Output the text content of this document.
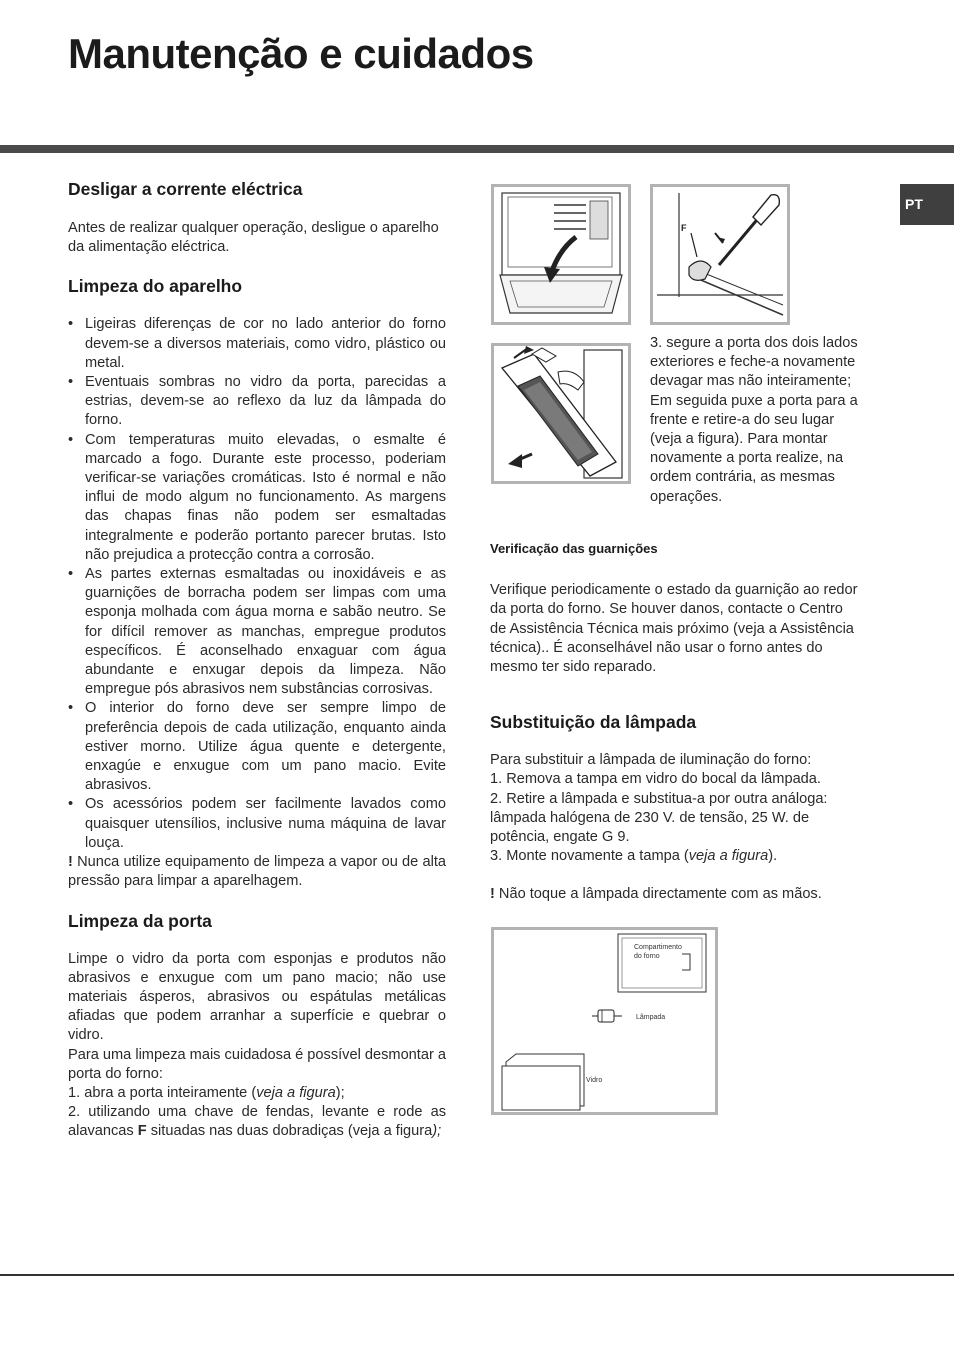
Manutenção e cuidados
PT
Desligar a corrente eléctrica

Antes de realizar qualquer operação, desligue o aparelho da alimentação eléctrica.

Limpeza do aparelho
• Ligeiras diferenças de cor no lado anterior do forno devem-se a diversos materiais, como vidro, plástico ou metal.
• Eventuais sombras no vidro da porta, parecidas a estrias, devem-se ao reflexo da luz da lâmpada do forno.
• Com temperaturas muito elevadas, o esmalte é marcado a fogo. Durante este processo, poderiam verificar-se variações cromáticas. Isto é normal e não influi de modo algum no funcionamento. As margens das chapas finas não podem ser esmaltadas integralmente e poderão portanto parecer brutas. Isto não prejudica a protecção contra a corrosão.
• As partes externas esmaltadas ou inoxidáveis e as guarnições de borracha podem ser limpas com uma esponja molhada com água morna e sabão neutro. Se for difícil remover as manchas, empregue produtos específicos. É aconselhado enxaguar com água abundante e enxugar depois da limpeza. Não empregue pós abrasivos nem substâncias corrosivas.
• O interior do forno deve ser sempre limpo de preferência depois de cada utilização, enquanto ainda estiver morno. Utilize água quente e detergente, enxagúe e enxugue com um pano macio. Evite abrasivos.
• Os acessórios podem ser facilmente lavados como quaisquer utensílios, inclusive numa máquina de lavar louça.

! Nunca utilize equipamento de limpeza a vapor ou de alta pressão para limpar a aparelhagem.

Limpeza da porta

Limpe o vidro da porta com esponjas e produtos não abrasivos e enxugue com um pano macio; não use materiais ásperos, abrasivos ou espátulas metálicas afiadas que podem arranhar a superfície e quebrar o vidro.

Para uma limpeza mais cuidadosa é possível desmontar a porta do forno:

1. abra a porta inteiramente (veja a figura);

2. utilizando uma chave de fendas, levante e rode as alavancas F situadas nas duas dobradiças (veja a figura);

F

3. segure a porta dos dois lados exteriores e feche-a novamente devagar mas não inteiramente; Em seguida puxe a porta para a frente e retire-a do seu lugar (veja a figura). Para montar novamente a porta realize, na ordem contrária, as mesmas operações.

Verificação das guarnições

Verifique periodicamente o estado da guarnição ao redor da porta do forno. Se houver danos, contacte o Centro de Assistência Técnica mais próximo (veja a Assistência técnica).. É aconselhável não usar o forno antes do mesmo ter sido reparado.

Substituição da lâmpada

Para substituir a lâmpada de iluminação do forno:

1. Remova a tampa em vidro do bocal da lâmpada.

2. Retire a lâmpada e substitua-a por outra análoga: lâmpada halógena de 230 V. de tensão, 25 W. de potência, engate G 9.

3. Monte novamente a tampa (veja a figura).

! Não toque a lâmpada directamente com as mãos.

Compartimento
do forno
Lâmpada
Vidro
